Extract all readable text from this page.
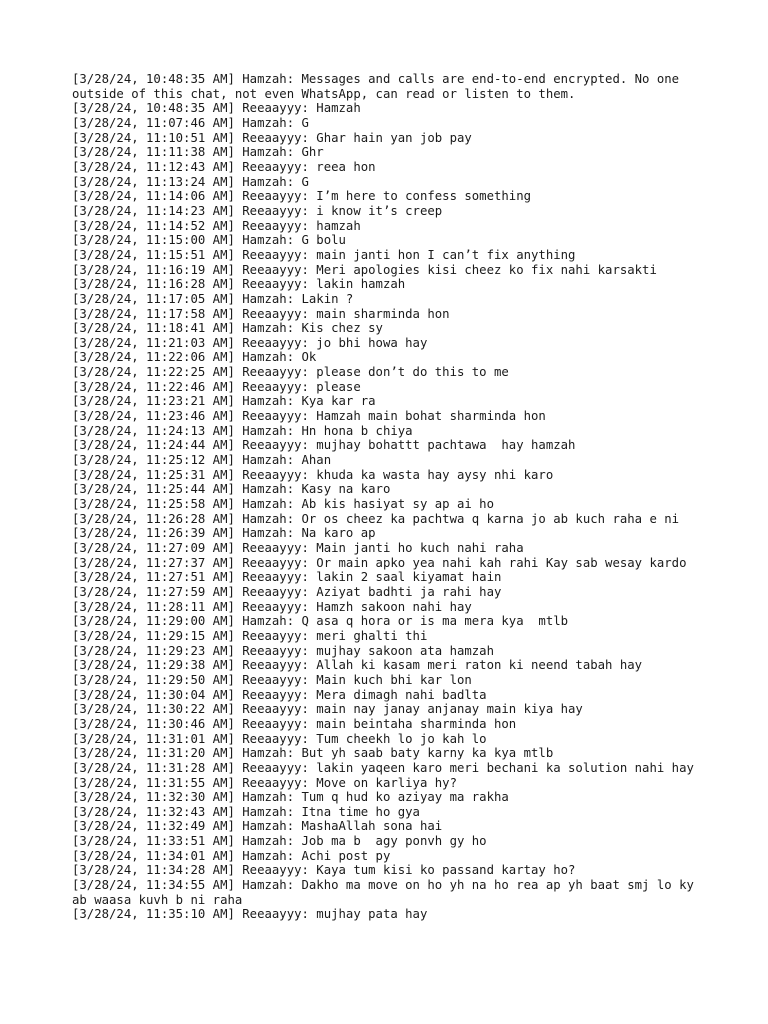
[3/28/24, 10:48:35 AM] Hamzah: Messages and calls are end-to-end encrypted. No one outside of this chat, not even WhatsApp, can read or listen to them.
[3/28/24, 10:48:35 AM] Reeaayyy: Hamzah
[3/28/24, 11:07:46 AM] Hamzah: G
[3/28/24, 11:10:51 AM] Reeaayyy: Ghar hain yan job pay
[3/28/24, 11:11:38 AM] Hamzah: Ghr
[3/28/24, 11:12:43 AM] Reeaayyy: reea hon
[3/28/24, 11:13:24 AM] Hamzah: G
[3/28/24, 11:14:06 AM] Reeaayyy: I’m here to confess something
[3/28/24, 11:14:23 AM] Reeaayyy: i know it’s creep
[3/28/24, 11:14:52 AM] Reeaayyy: hamzah
[3/28/24, 11:15:00 AM] Hamzah: G bolu
[3/28/24, 11:15:51 AM] Reeaayyy: main janti hon I can’t fix anything
[3/28/24, 11:16:19 AM] Reeaayyy: Meri apologies kisi cheez ko fix nahi karsakti
[3/28/24, 11:16:28 AM] Reeaayyy: lakin hamzah
[3/28/24, 11:17:05 AM] Hamzah: Lakin ?
[3/28/24, 11:17:58 AM] Reeaayyy: main sharminda hon
[3/28/24, 11:18:41 AM] Hamzah: Kis chez sy
[3/28/24, 11:21:03 AM] Reeaayyy: jo bhi howa hay
[3/28/24, 11:22:06 AM] Hamzah: Ok
[3/28/24, 11:22:25 AM] Reeaayyy: please don’t do this to me
[3/28/24, 11:22:46 AM] Reeaayyy: please
[3/28/24, 11:23:21 AM] Hamzah: Kya kar ra
[3/28/24, 11:23:46 AM] Reeaayyy: Hamzah main bohat sharminda hon
[3/28/24, 11:24:13 AM] Hamzah: Hn hona b chiya
[3/28/24, 11:24:44 AM] Reeaayyy: mujhay bohattt pachtawa  hay hamzah
[3/28/24, 11:25:12 AM] Hamzah: Ahan
[3/28/24, 11:25:31 AM] Reeaayyy: khuda ka wasta hay aysy nhi karo
[3/28/24, 11:25:44 AM] Hamzah: Kasy na karo
[3/28/24, 11:25:58 AM] Hamzah: Ab kis hasiyat sy ap ai ho
[3/28/24, 11:26:28 AM] Hamzah: Or os cheez ka pachtwa q karna jo ab kuch raha e ni
[3/28/24, 11:26:39 AM] Hamzah: Na karo ap
[3/28/24, 11:27:09 AM] Reeaayyy: Main janti ho kuch nahi raha
[3/28/24, 11:27:37 AM] Reeaayyy: Or main apko yea nahi kah rahi Kay sab wesay kardo
[3/28/24, 11:27:51 AM] Reeaayyy: lakin 2 saal kiyamat hain
[3/28/24, 11:27:59 AM] Reeaayyy: Aziyat badhti ja rahi hay
[3/28/24, 11:28:11 AM] Reeaayyy: Hamzh sakoon nahi hay
[3/28/24, 11:29:00 AM] Hamzah: Q asa q hora or is ma mera kya  mtlb
[3/28/24, 11:29:15 AM] Reeaayyy: meri ghalti thi
[3/28/24, 11:29:23 AM] Reeaayyy: mujhay sakoon ata hamzah
[3/28/24, 11:29:38 AM] Reeaayyy: Allah ki kasam meri raton ki neend tabah hay
[3/28/24, 11:29:50 AM] Reeaayyy: Main kuch bhi kar lon
[3/28/24, 11:30:04 AM] Reeaayyy: Mera dimagh nahi badlta
[3/28/24, 11:30:22 AM] Reeaayyy: main nay janay anjanay main kiya hay
[3/28/24, 11:30:46 AM] Reeaayyy: main beintaha sharminda hon
[3/28/24, 11:31:01 AM] Reeaayyy: Tum cheekh lo jo kah lo
[3/28/24, 11:31:20 AM] Hamzah: But yh saab baty karny ka kya mtlb
[3/28/24, 11:31:28 AM] Reeaayyy: lakin yaqeen karo meri bechani ka solution nahi hay
[3/28/24, 11:31:55 AM] Reeaayyy: Move on karliya hy?
[3/28/24, 11:32:30 AM] Hamzah: Tum q hud ko aziyay ma rakha
[3/28/24, 11:32:43 AM] Hamzah: Itna time ho gya
[3/28/24, 11:32:49 AM] Hamzah: MashaAllah sona hai
[3/28/24, 11:33:51 AM] Hamzah: Job ma b  agy ponvh gy ho
[3/28/24, 11:34:01 AM] Hamzah: Achi post py
[3/28/24, 11:34:28 AM] Reeaayyy: Kaya tum kisi ko passand kartay ho?
[3/28/24, 11:34:55 AM] Hamzah: Dakho ma move on ho yh na ho rea ap yh baat smj lo ky ab waasa kuvh b ni raha
[3/28/24, 11:35:10 AM] Reeaayyy: mujhay pata hay
